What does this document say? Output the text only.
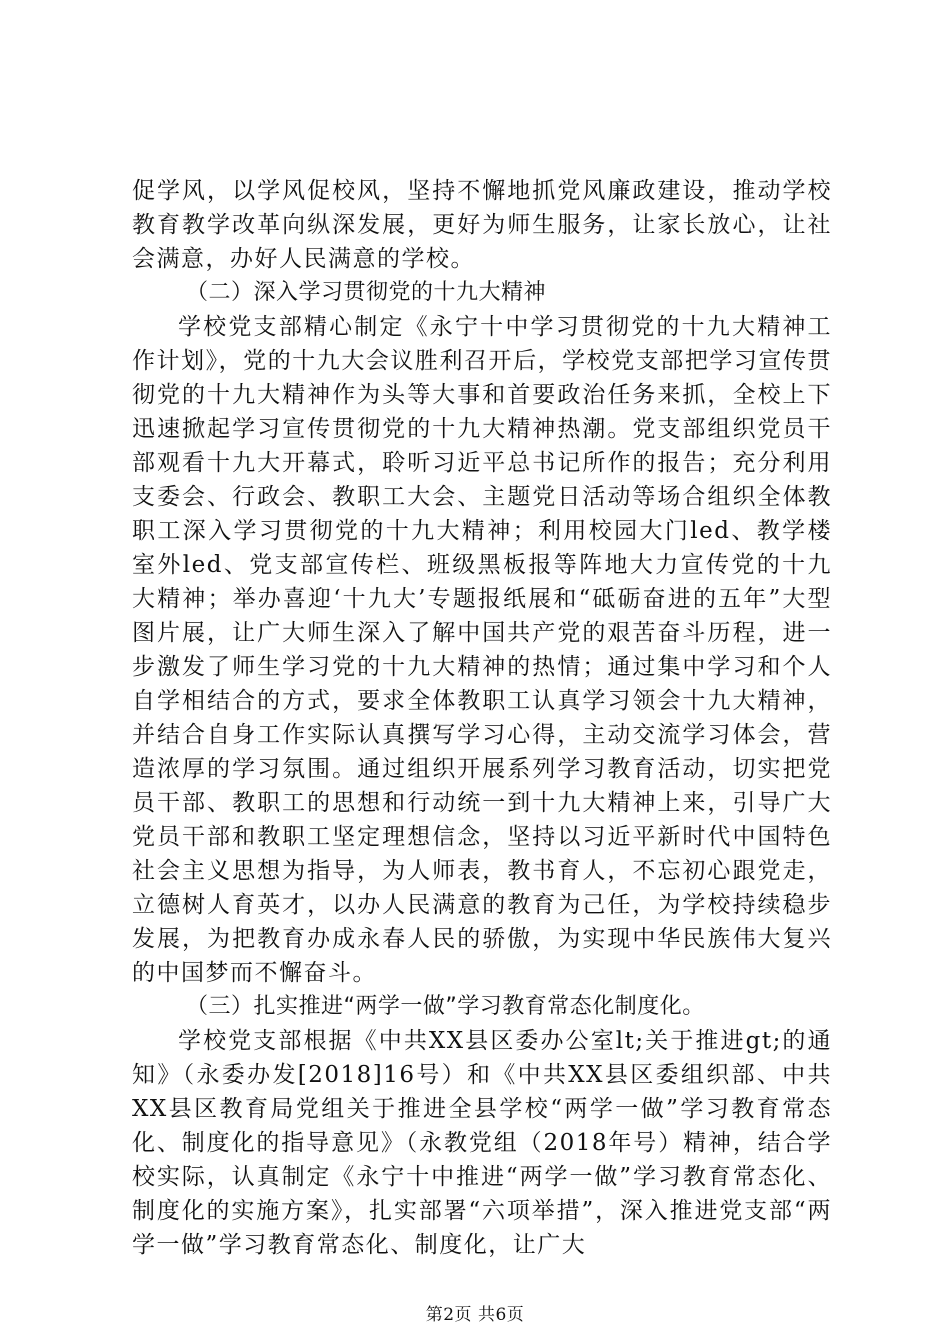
促学风，以学风促校风，坚持不懈地抓党风廉政建设，推动学校教育教学改革向纵深发展，更好为师生服务，让家长放心，让社会满意，办好人民满意的学校。

（二）深入学习贯彻党的十九大精神

学校党支部精心制定《永宁十中学习贯彻党的十九大精神工作计划》，党的十九大会议胜利召开后，学校党支部把学习宣传贯彻党的十九大精神作为头等大事和首要政治任务来抓，全校上下迅速掀起学习宣传贯彻党的十九大精神热潮。党支部组织党员干部观看十九大开幕式，聆听习近平总书记所作的报告；充分利用支委会、行政会、教职工大会、主题党日活动等场合组织全体教职工深入学习贯彻党的十九大精神；利用校园大门led、教学楼室外led、党支部宣传栏、班级黑板报等阵地大力宣传党的十九大精神；举办喜迎‘十九大’专题报纸展和“砥砺奋进的五年”大型图片展，让广大师生深入了解中国共产党的艰苦奋斗历程，进一步激发了师生学习党的十九大精神的热情；通过集中学习和个人自学相结合的方式，要求全体教职工认真学习领会十九大精神，并结合自身工作实际认真撰写学习心得，主动交流学习体会，营造浓厚的学习氛围。通过组织开展系列学习教育活动，切实把党员干部、教职工的思想和行动统一到十九大精神上来，引导广大党员干部和教职工坚定理想信念，坚持以习近平新时代中国特色社会主义思想为指导，为人师表，教书育人，不忘初心跟党走，立德树人育英才，以办人民满意的教育为己任，为学校持续稳步发展，为把教育办成永春人民的骄傲，为实现中华民族伟大复兴的中国梦而不懈奋斗。

（三）扎实推进“两学一做”学习教育常态化制度化。

学校党支部根据《中共XX县区委办公室lt;关于推进gt;的通知》（永委办发[2018]16号）和《中共XX县区委组织部、中共XX县区教育局党组关于推进全县学校“两学一做”学习教育常态化、制度化的指导意见》（永教党组（2018年号）精神，结合学校实际，认真制定《永宁十中推进“两学一做”学习教育常态化、制度化的实施方案》，扎实部署“六项举措”，深入推进党支部“两学一做”学习教育常态化、制度化，让广大

第2页 共6页
